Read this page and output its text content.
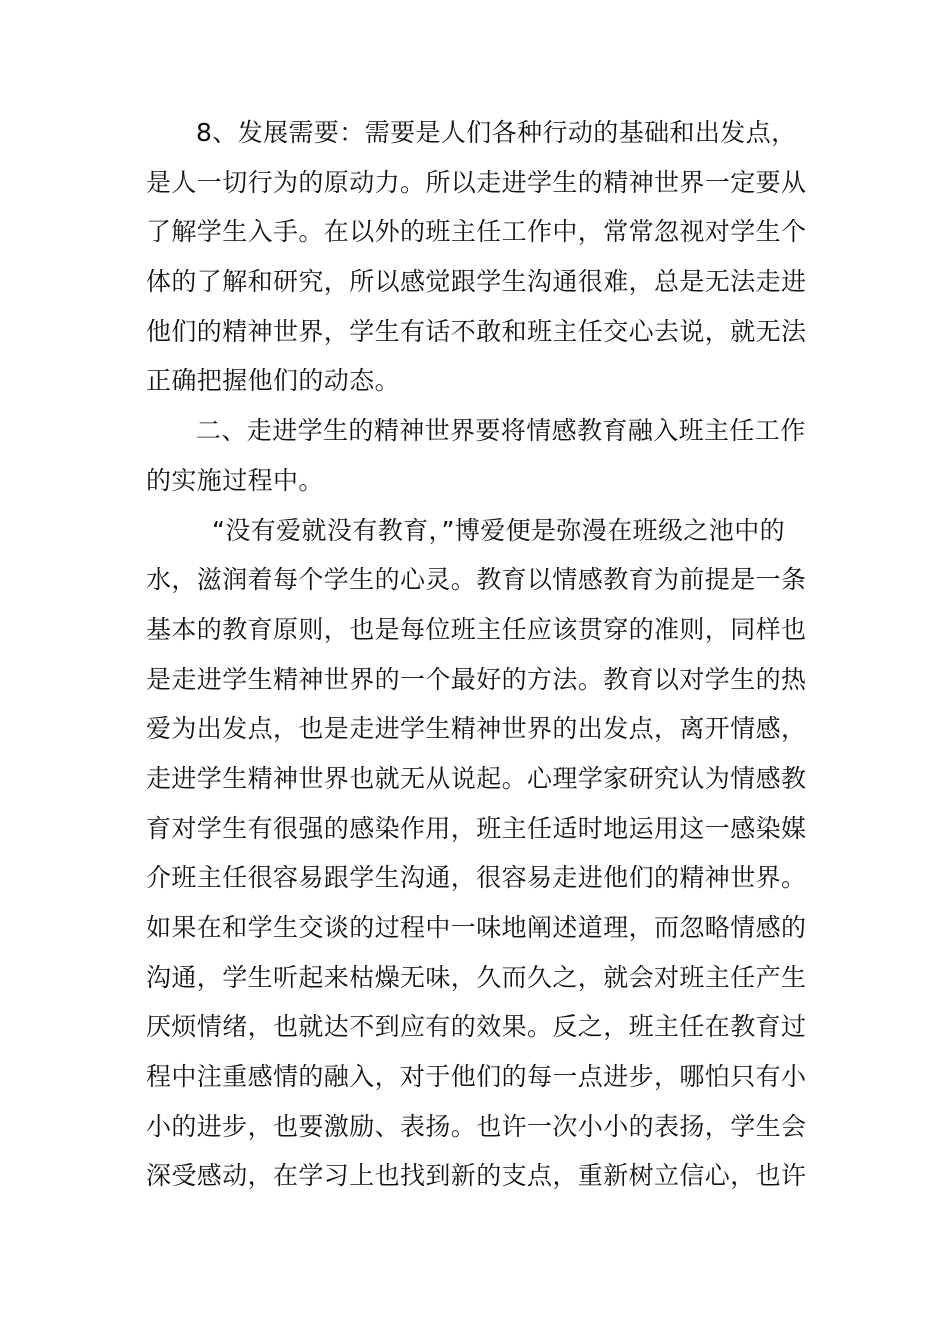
8、发展需要：需要是人们各种行动的基础和出发点，
是人一切行为的原动力。所以走进学生的精神世界一定要从
了解学生入手。在以外的班主任工作中，常常忽视对学生个
体的了解和研究，所以感觉跟学生沟通很难，总是无法走进
他们的精神世界，学生有话不敢和班主任交心去说，就无法
正确把握他们的动态。
二、走进学生的精神世界要将情感教育融入班主任工作
的实施过程中。
“没有爱就没有教育，”博爱便是弥漫在班级之池中的
水，滋润着每个学生的心灵。教育以情感教育为前提是一条
基本的教育原则，也是每位班主任应该贯穿的准则，同样也
是走进学生精神世界的一个最好的方法。教育以对学生的热
爱为出发点，也是走进学生精神世界的出发点，离开情感，
走进学生精神世界也就无从说起。心理学家研究认为情感教
育对学生有很强的感染作用，班主任适时地运用这一感染媒
介班主任很容易跟学生沟通，很容易走进他们的精神世界。
如果在和学生交谈的过程中一味地阐述道理，而忽略情感的
沟通，学生听起来枯燥无味，久而久之，就会对班主任产生
厌烦情绪，也就达不到应有的效果。反之，班主任在教育过
程中注重感情的融入，对于他们的每一点进步，哪怕只有小
小的进步，也要激励、表扬。也许一次小小的表扬，学生会
深受感动，在学习上也找到新的支点，重新树立信心，也许
